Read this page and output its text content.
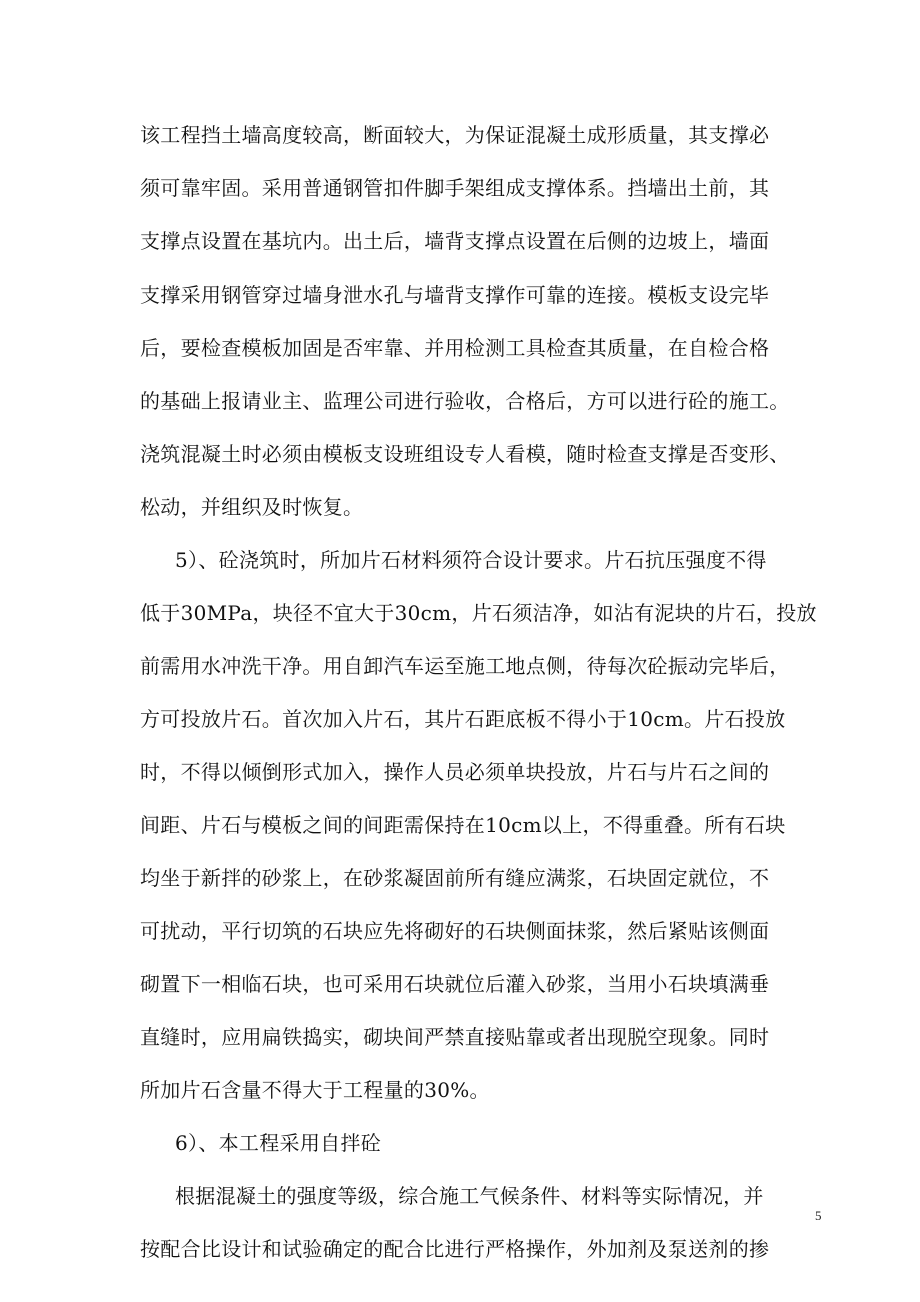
该工程挡土墙高度较高，断面较大，为保证混凝土成形质量，其支撑必
须可靠牢固。采用普通钢管扣件脚手架组成支撑体系。挡墙出土前，其
支撑点设置在基坑内。出土后，墙背支撑点设置在后侧的边坡上，墙面
支撑采用钢管穿过墙身泄水孔与墙背支撑作可靠的连接。模板支设完毕
后，要检查模板加固是否牢靠、并用检测工具检查其质量，在自检合格
的基础上报请业主、监理公司进行验收，合格后，方可以进行砼的施工。
浇筑混凝土时必须由模板支设班组设专人看模，随时检查支撑是否变形、
松动，并组织及时恢复。
5）、砼浇筑时，所加片石材料须符合设计要求。片石抗压强度不得
低于30MPa，块径不宜大于30cm，片石须洁净，如沾有泥块的片石，投放
前需用水冲洗干净。用自卸汽车运至施工地点侧，待每次砼振动完毕后，
方可投放片石。首次加入片石，其片石距底板不得小于10cm。片石投放
时，不得以倾倒形式加入，操作人员必须单块投放，片石与片石之间的
间距、片石与模板之间的间距需保持在10cm以上，不得重叠。所有石块
均坐于新拌的砂浆上，在砂浆凝固前所有缝应满浆，石块固定就位，不
可扰动，平行切筑的石块应先将砌好的石块侧面抹浆，然后紧贴该侧面
砌置下一相临石块，也可采用石块就位后灌入砂浆，当用小石块填满垂
直缝时，应用扁铁捣实，砌块间严禁直接贴靠或者出现脱空现象。同时
所加片石含量不得大于工程量的30%。
6）、本工程采用自拌砼
根据混凝土的强度等级，综合施工气候条件、材料等实际情况，并
按配合比设计和试验确定的配合比进行严格操作，外加剂及泵送剂的掺
5
